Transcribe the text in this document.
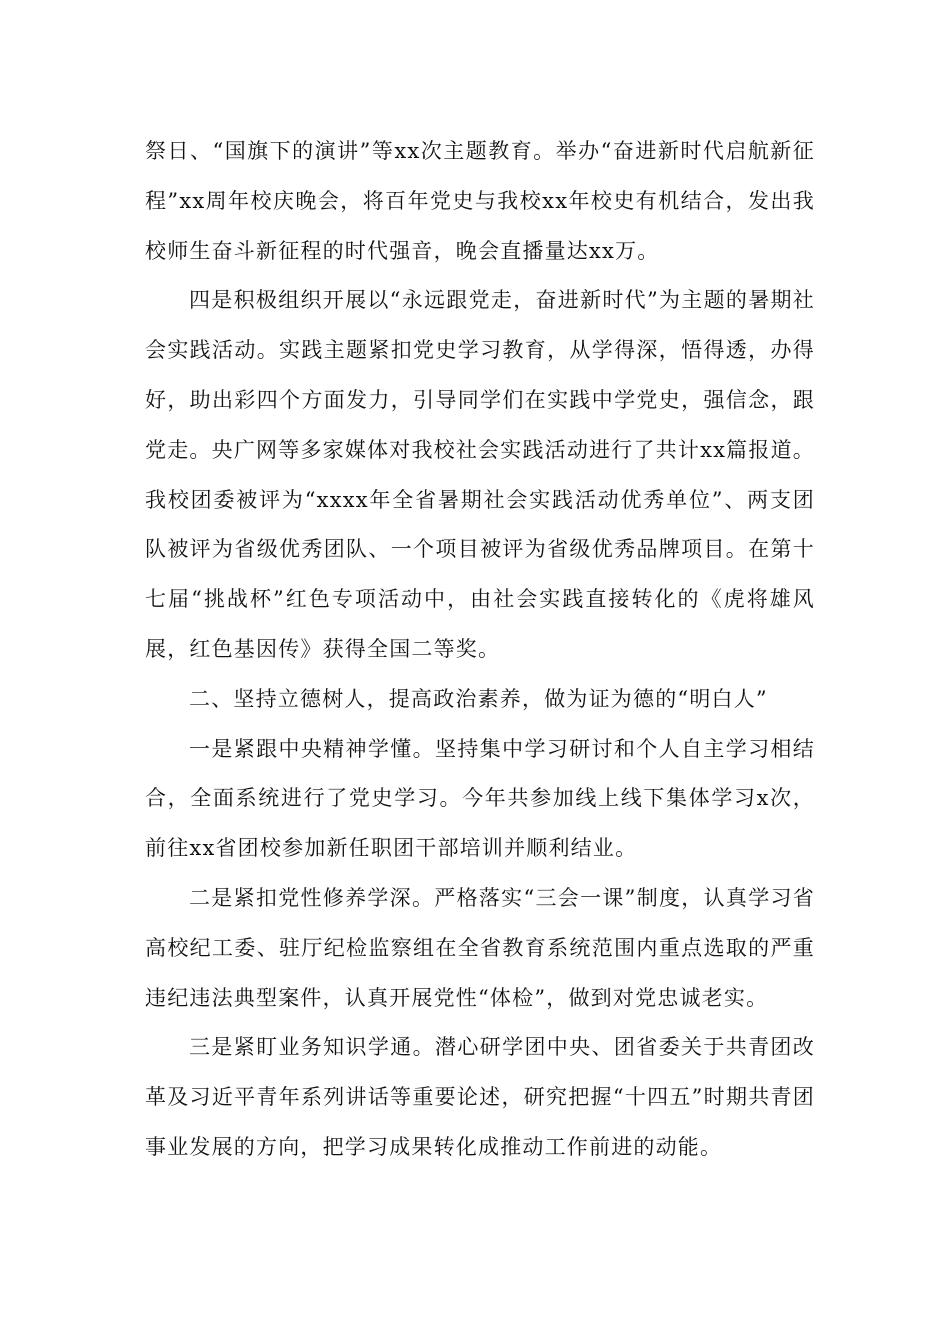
祭日、“国旗下的演讲”等xx次主题教育。举办“奋进新时代启航新征程”xx周年校庆晚会，将百年党史与我校xx年校史有机结合，发出我校师生奋斗新征程的时代强音，晚会直播量达xx万。

四是积极组织开展以“永远跟党走，奋进新时代”为主题的暑期社会实践活动。实践主题紧扣党史学习教育，从学得深，悟得透，办得好，助出彩四个方面发力，引导同学们在实践中学党史，强信念，跟党走。央广网等多家媒体对我校社会实践活动进行了共计xx篇报道。我校团委被评为“xxxx年全省暑期社会实践活动优秀单位”、两支团队被评为省级优秀团队、一个项目被评为省级优秀品牌项目。在第十七届“挑战杯”红色专项活动中，由社会实践直接转化的《虎将雄风展，红色基因传》获得全国二等奖。

二、坚持立德树人，提高政治素养，做为证为德的“明白人”

一是紧跟中央精神学懂。坚持集中学习研讨和个人自主学习相结合，全面系统进行了党史学习。今年共参加线上线下集体学习x次，前往xx省团校参加新任职团干部培训并顺利结业。

二是紧扣党性修养学深。严格落实“三会一课”制度，认真学习省高校纪工委、驻厅纪检监察组在全省教育系统范围内重点选取的严重违纪违法典型案件，认真开展党性“体检”，做到对党忠诚老实。

三是紧盯业务知识学通。潜心研学团中央、团省委关于共青团改革及习近平青年系列讲话等重要论述，研究把握“十四五”时期共青团事业发展的方向，把学习成果转化成推动工作前进的动能。
